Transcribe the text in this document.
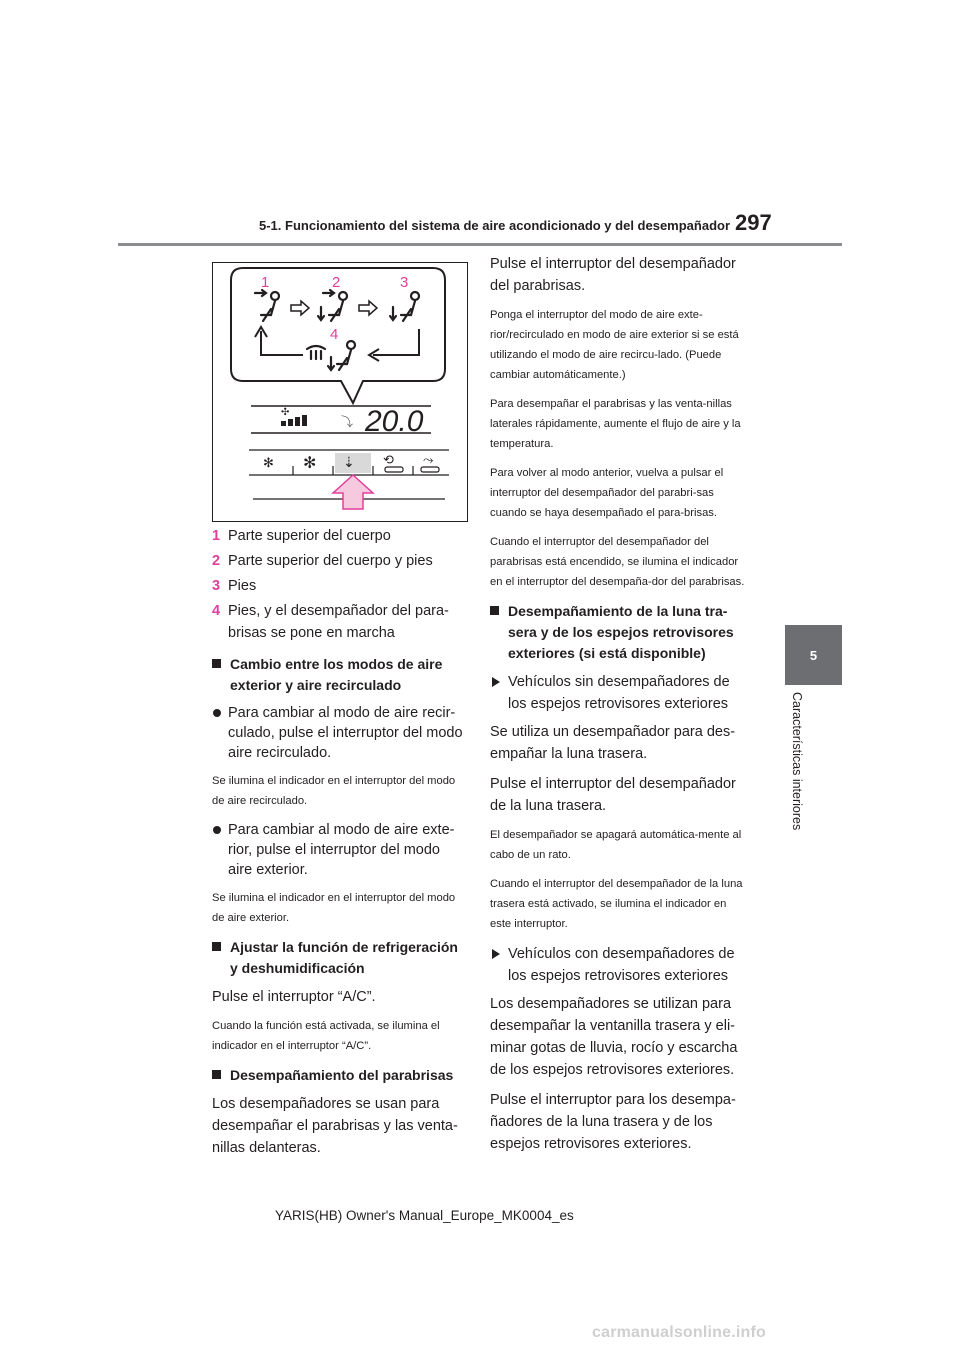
5-1. Funcionamiento del sistema de aire acondicionado y del desempañador 297
5
Características interiores
1	2	3
4
✣
⤵ 20.0
✻ ✻ ⇣ ⟲ ⤳
1 Parte superior del cuerpo
2 Parte superior del cuerpo y pies
3 Pies
4 Pies, y el desempañador del para-brisas se pone en marcha
Cambio entre los modos de aire exterior y aire recirculado
Para cambiar al modo de aire recir-culado, pulse el interruptor del modo aire recirculado.

Se ilumina el indicador en el interruptor del modo de aire recirculado.

Para cambiar al modo de aire exte-rior, pulse el interruptor del modo aire exterior.

Se ilumina el indicador en el interruptor del modo de aire exterior.

Ajustar la función de refrigeración y deshumidificación

Pulse el interruptor “A/C”.

Cuando la función está activada, se ilumina el indicador en el interruptor “A/C”.

Desempañamiento del parabrisas

Los desempañadores se usan para desempañar el parabrisas y las venta-nillas delanteras.

Pulse el interruptor del desempañador del parabrisas.

Ponga el interruptor del modo de aire exte-rior/recirculado en modo de aire exterior si se está utilizando el modo de aire recircu-lado. (Puede cambiar automáticamente.)

Para desempañar el parabrisas y las venta-nillas laterales rápidamente, aumente el flujo de aire y la temperatura.

Para volver al modo anterior, vuelva a pulsar el interruptor del desempañador del parabri-sas cuando se haya desempañado el para-brisas.

Cuando el interruptor del desempañador del parabrisas está encendido, se ilumina el indicador en el interruptor del desempaña-dor del parabrisas.

Desempañamiento de la luna tra-sera y de los espejos retrovisores exteriores (si está disponible)
Vehículos sin desempañadores de los espejos retrovisores exteriores

Se utiliza un desempañador para des-empañar la luna trasera.

Pulse el interruptor del desempañador de la luna trasera.

El desempañador se apagará automática-mente al cabo de un rato.

Cuando el interruptor del desempañador de la luna trasera está activado, se ilumina el indicador en este interruptor.

Vehículos con desempañadores de los espejos retrovisores exteriores

Los desempañadores se utilizan para desempañar la ventanilla trasera y eli-minar gotas de lluvia, rocío y escarcha de los espejos retrovisores exteriores.

Pulse el interruptor para los desempa-ñadores de la luna trasera y de los espejos retrovisores exteriores.

YARIS(HB) Owner's Manual_Europe_MK0004_es
carmanualsonline.info
